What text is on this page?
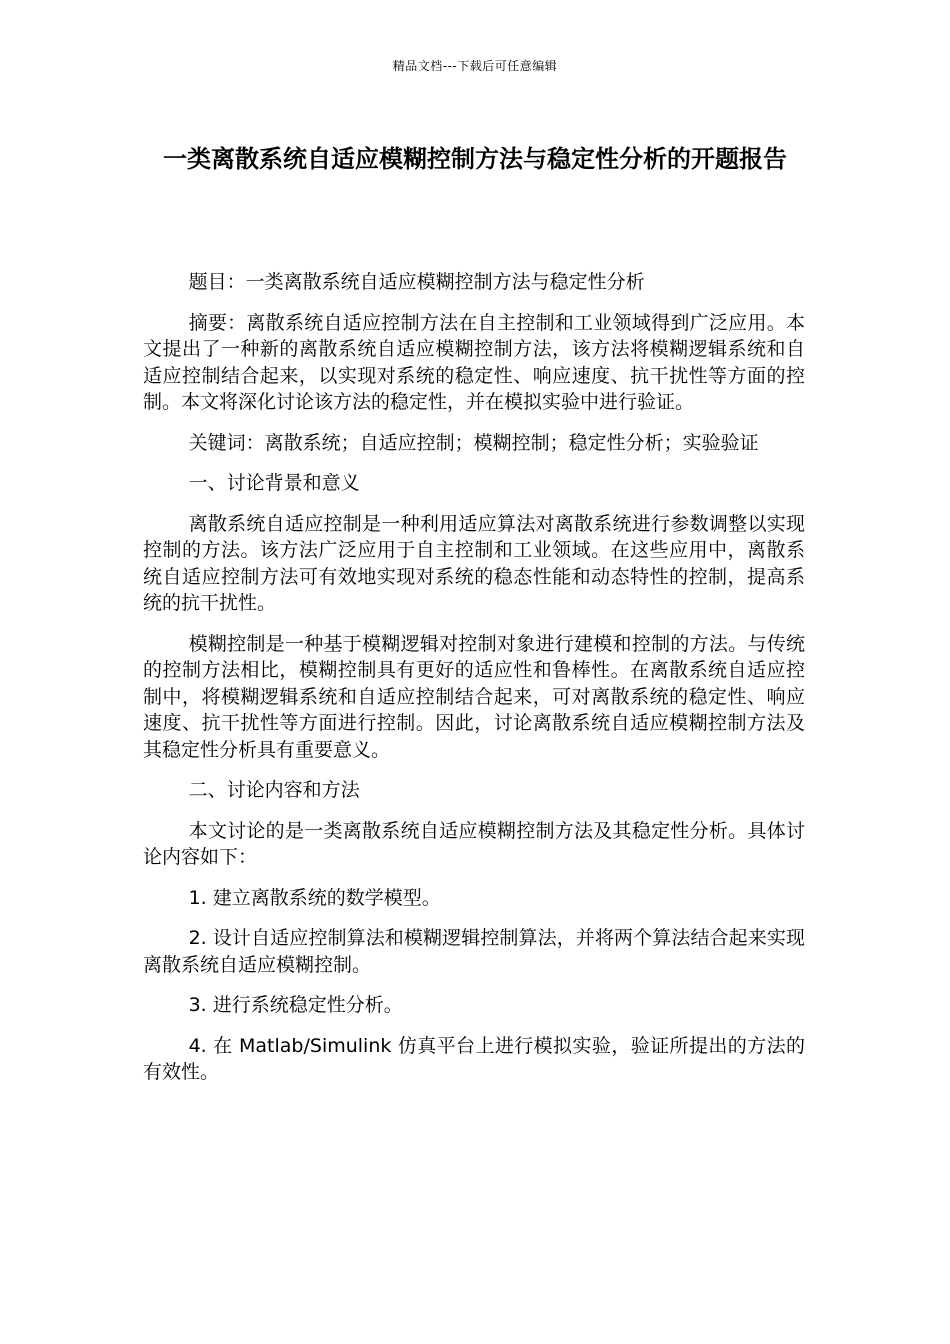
精品文档---下载后可任意编辑
一类离散系统自适应模糊控制方法与稳定性分析的开题报告

题目：一类离散系统自适应模糊控制方法与稳定性分析

摘要：离散系统自适应控制方法在自主控制和工业领域得到广泛应用。本文提出了一种新的离散系统自适应模糊控制方法，该方法将模糊逻辑系统和自适应控制结合起来，以实现对系统的稳定性、响应速度、抗干扰性等方面的控制。本文将深化讨论该方法的稳定性，并在模拟实验中进行验证。

关键词：离散系统；自适应控制；模糊控制；稳定性分析；实验验证

一、讨论背景和意义

离散系统自适应控制是一种利用适应算法对离散系统进行参数调整以实现控制的方法。该方法广泛应用于自主控制和工业领域。在这些应用中，离散系统自适应控制方法可有效地实现对系统的稳态性能和动态特性的控制，提高系统的抗干扰性。

模糊控制是一种基于模糊逻辑对控制对象进行建模和控制的方法。与传统的控制方法相比，模糊控制具有更好的适应性和鲁棒性。在离散系统自适应控制中，将模糊逻辑系统和自适应控制结合起来，可对离散系统的稳定性、响应速度、抗干扰性等方面进行控制。因此，讨论离散系统自适应模糊控制方法及其稳定性分析具有重要意义。

二、讨论内容和方法

本文讨论的是一类离散系统自适应模糊控制方法及其稳定性分析。具体讨论内容如下：

1. 建立离散系统的数学模型。

2. 设计自适应控制算法和模糊逻辑控制算法，并将两个算法结合起来实现离散系统自适应模糊控制。

3. 进行系统稳定性分析。

4. 在 Matlab/Simulink 仿真平台上进行模拟实验，验证所提出的方法的有效性。
